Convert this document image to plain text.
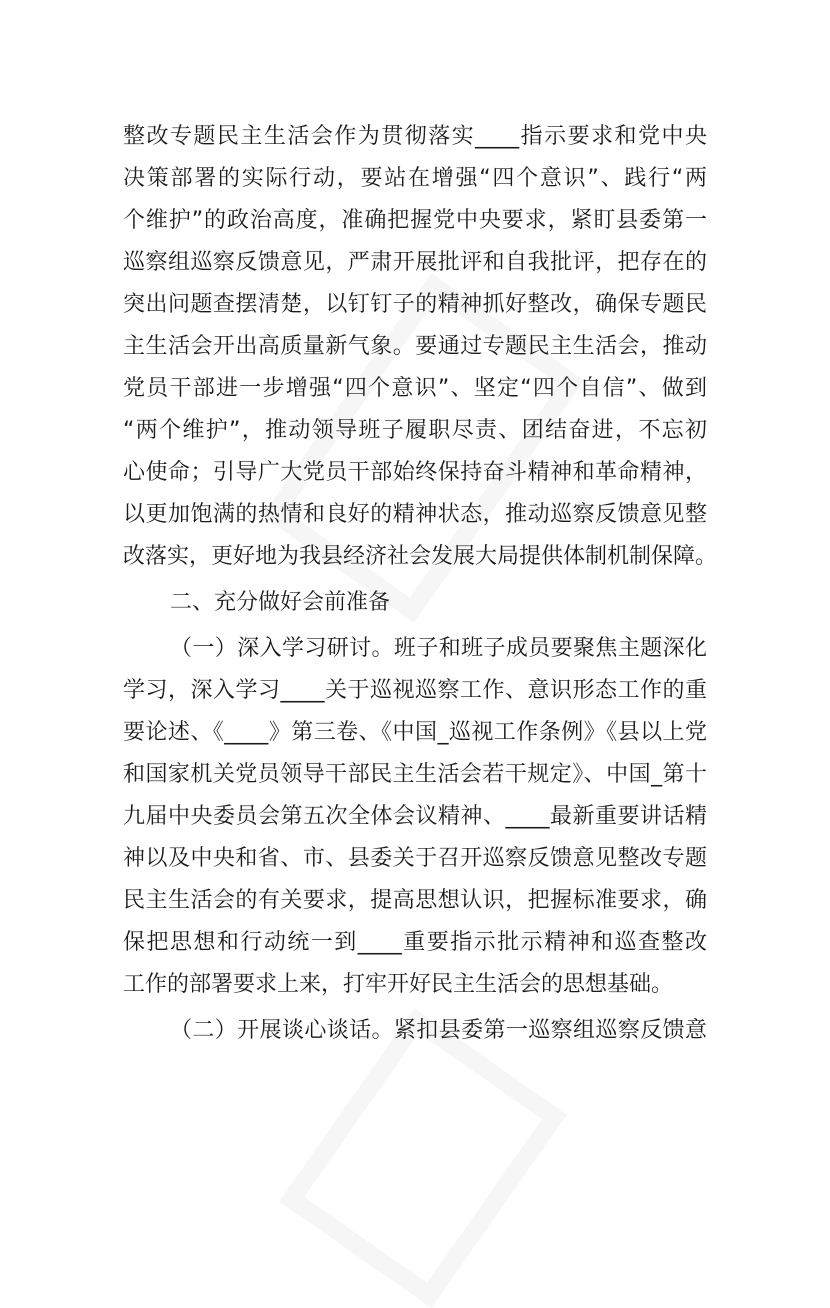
整改专题民主生活会作为贯彻落实____指示要求和党中央
决策部署的实际行动，要站在增强“四个意识”、践行“两
个维护”的政治高度，准确把握党中央要求，紧盯县委第一
巡察组巡察反馈意见，严肃开展批评和自我批评，把存在的
突出问题查摆清楚，以钉钉子的精神抓好整改，确保专题民
主生活会开出高质量新气象。要通过专题民主生活会，推动
党员干部进一步增强“四个意识”、坚定“四个自信”、做到
“两个维护”，推动领导班子履职尽责、团结奋进，不忘初
心使命；引导广大党员干部始终保持奋斗精神和革命精神，
以更加饱满的热情和良好的精神状态，推动巡察反馈意见整
改落实，更好地为我县经济社会发展大局提供体制机制保障。
二、充分做好会前准备
（一）深入学习研讨。班子和班子成员要聚焦主题深化
学习，深入学习____关于巡视巡察工作、意识形态工作的重
要论述、《____》第三卷、《中国_巡视工作条例》《县以上党
和国家机关党员领导干部民主生活会若干规定》、中国_第十
九届中央委员会第五次全体会议精神、____最新重要讲话精
神以及中央和省、市、县委关于召开巡察反馈意见整改专题
民主生活会的有关要求，提高思想认识，把握标准要求，确
保把思想和行动统一到____重要指示批示精神和巡查整改
工作的部署要求上来，打牢开好民主生活会的思想基础。
（二）开展谈心谈话。紧扣县委第一巡察组巡察反馈意
